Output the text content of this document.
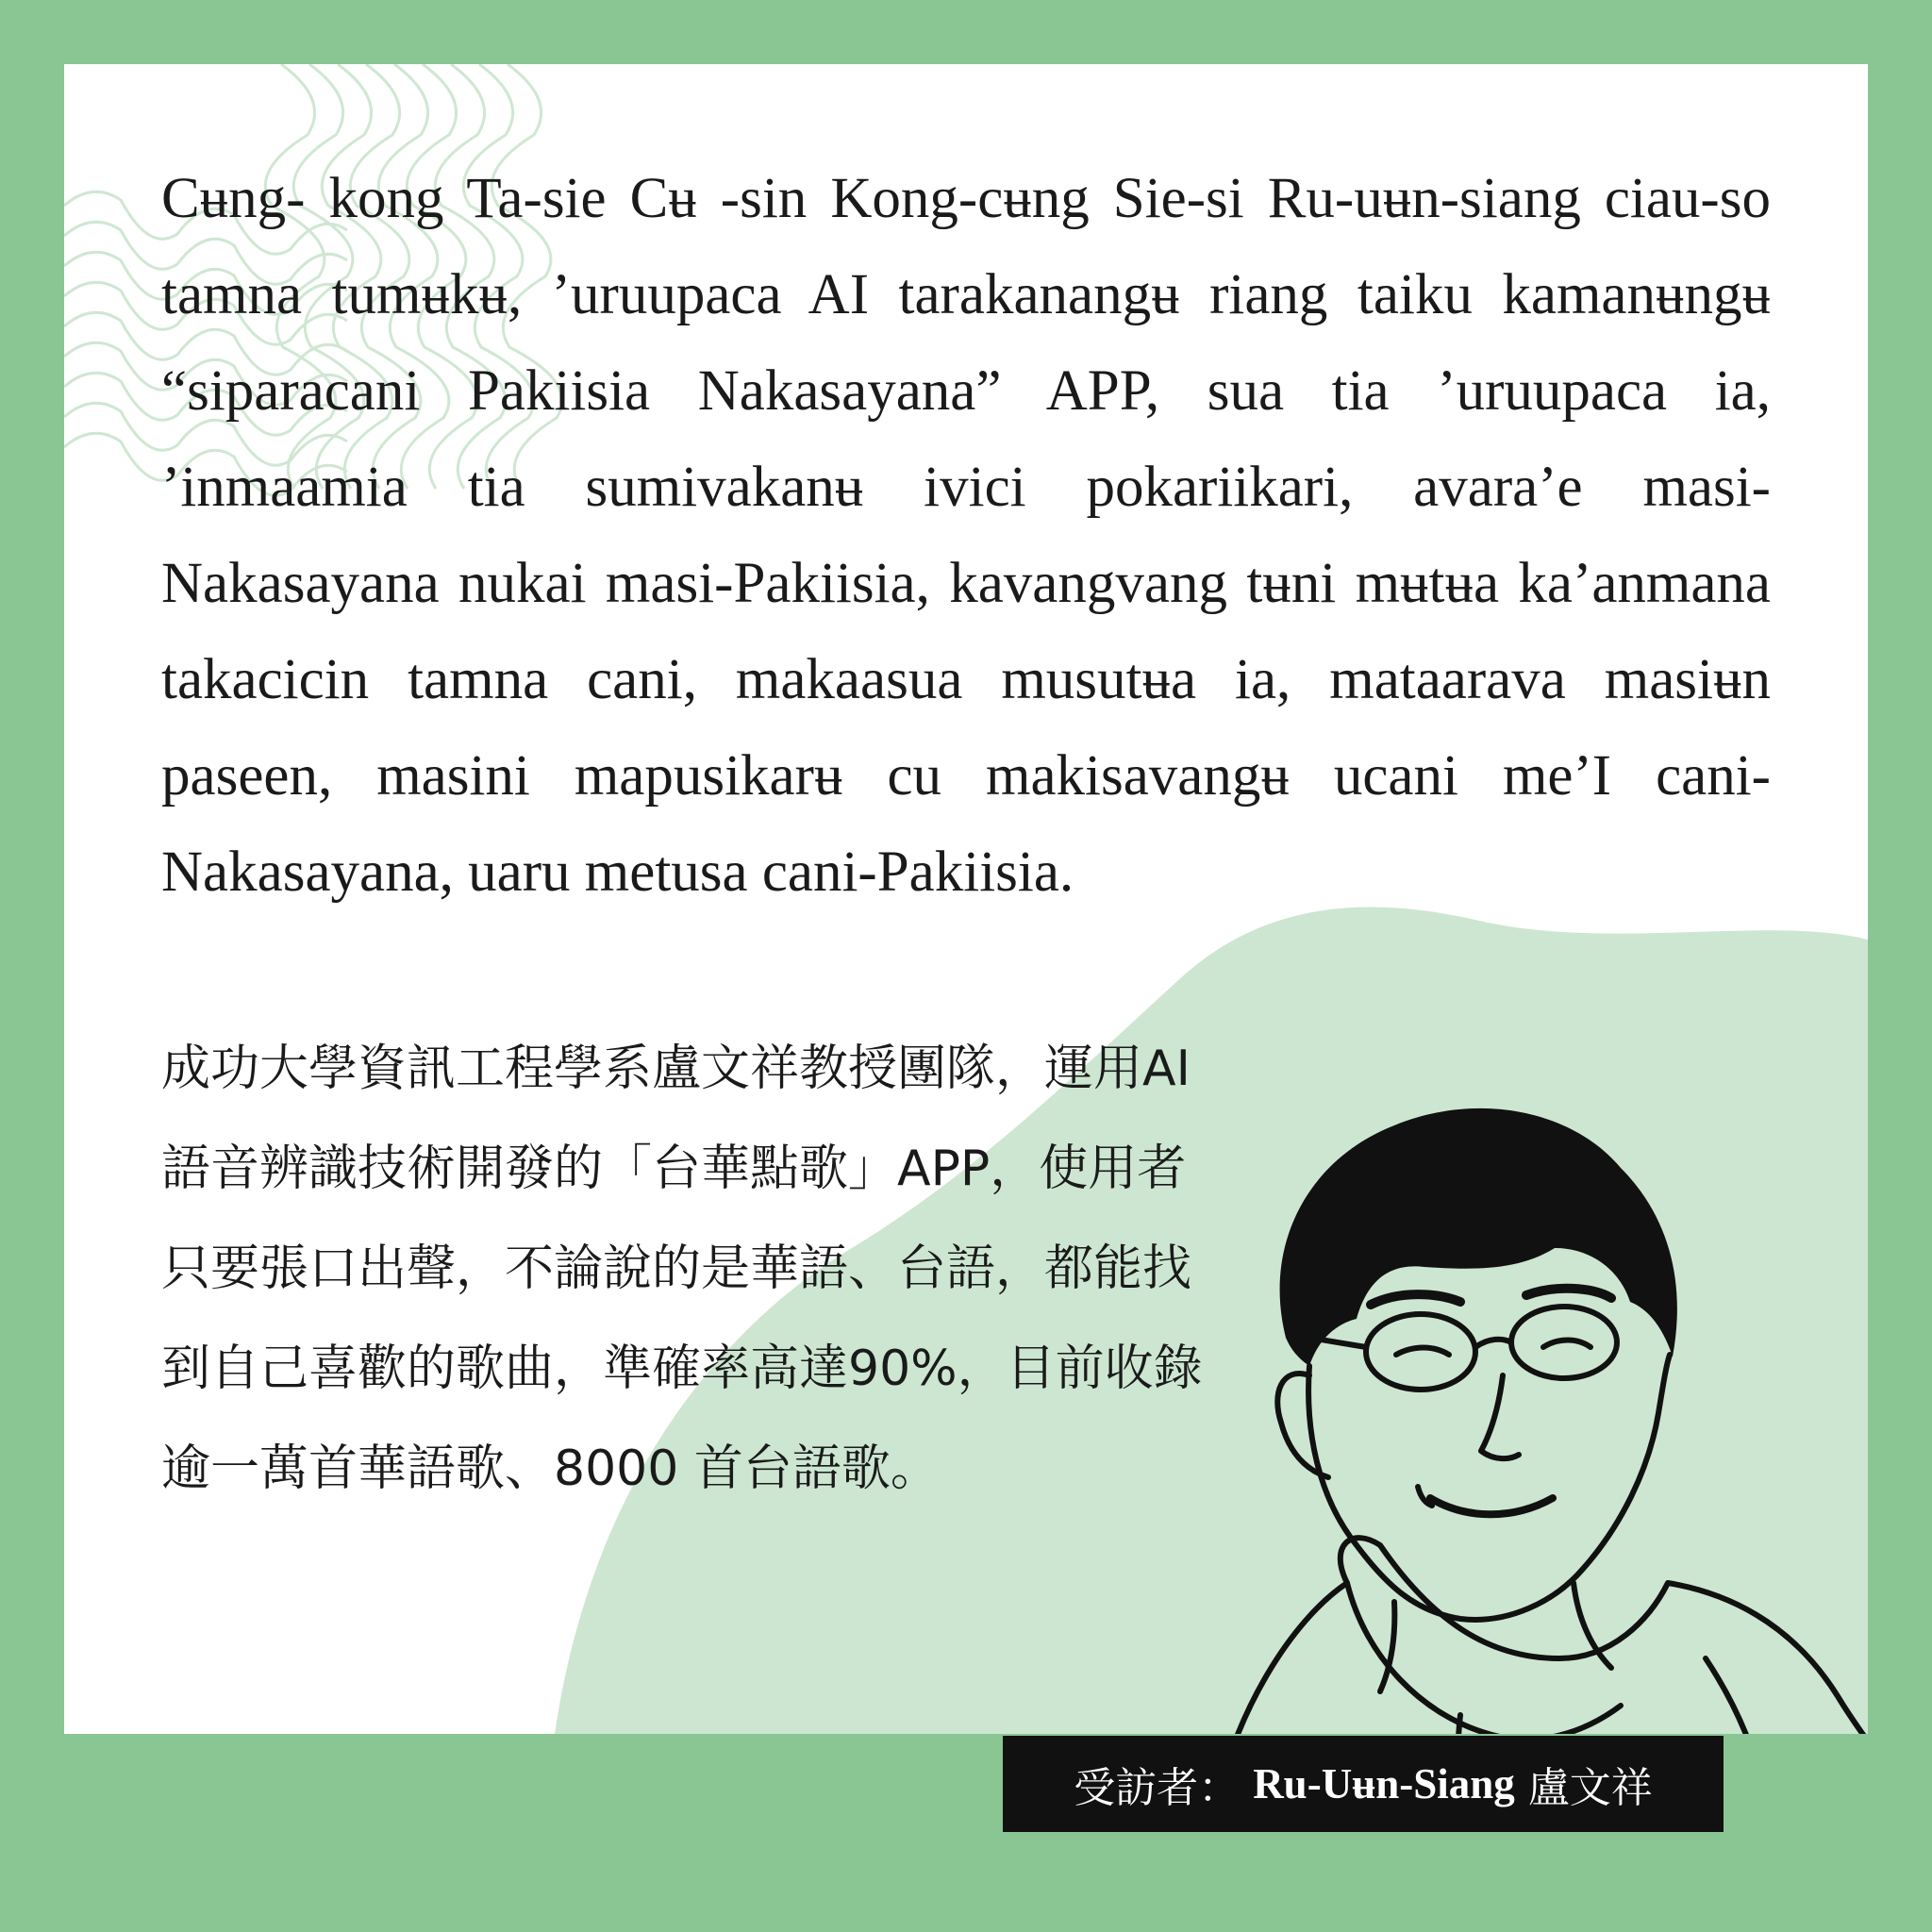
Cʉng- kong Ta-sie Cʉ -sin Kong-cʉng Sie-si Ru-uʉn-siang ciau-so tamna tumʉkʉ, ’uruupaca AI tarakanangʉ riang taiku kamanʉngʉ “siparacani Pakiisia Nakasayana” APP, sua tia ’uruupaca ia, ’inmaamia tia sumivakanʉ ivici pokariikari, avara’e masi-Nakasayana nukai masi-Pakiisia, kavangvang tʉni mʉtʉa ka’anmana takacicin tamna cani, makaasua musutʉa ia, mataarava masiʉn paseen, masini mapusikarʉ cu makisavangʉ ucani me’I cani-Nakasayana, uaru metusa cani-Pakiisia.

成功大學資訊工程學系盧文祥教授團隊，運用AI語音辨識技術開發的「台華點歌」APP，使用者只要張口出聲，不論說的是華語、台語，都能找到自己喜歡的歌曲，準確率高達90%，目前收錄逾一萬首華語歌、8000 首台語歌。

受訪者： Ru-Uʉn-Siang 盧文祥
